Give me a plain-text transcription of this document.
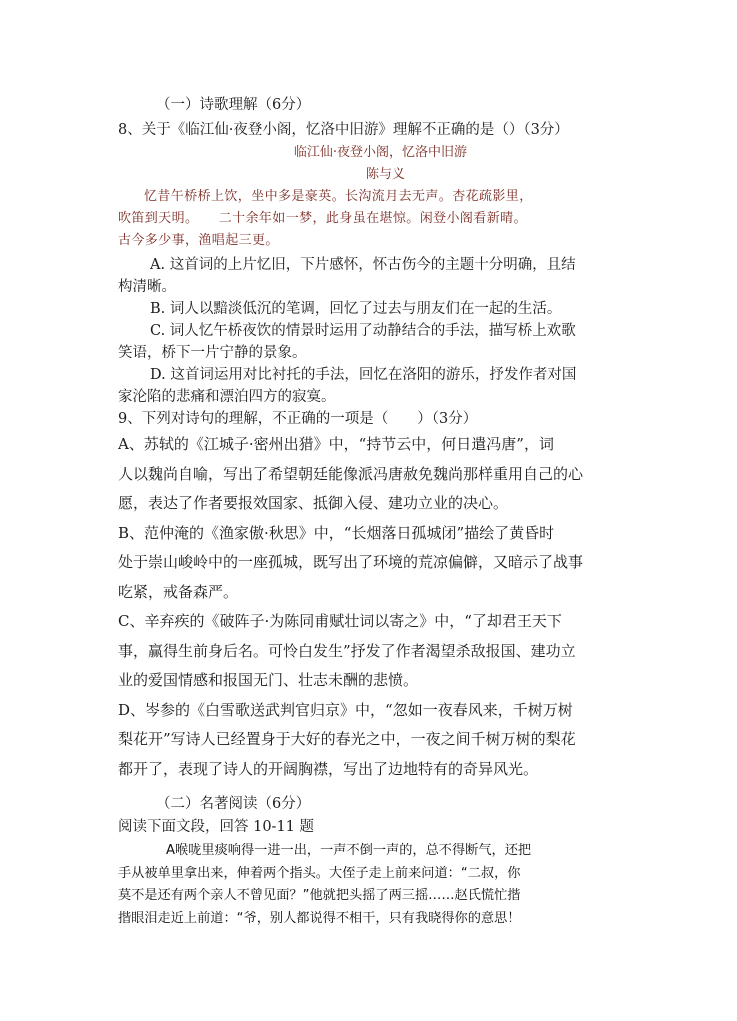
（一）诗歌理解（6分）
8、关于《临江仙·夜登小阁，忆洛中旧游》理解不正确的是（）（3分）
临江仙·夜登小阁，忆洛中旧游
陈与义
忆昔午桥桥上饮，坐中多是豪英。长沟流月去无声。杏花疏影里，
吹笛到天明。　　二十余年如一梦，此身虽在堪惊。闲登小阁看新晴。
古今多少事，渔唱起三更。
A. 这首词的上片忆旧，下片感怀，怀古伤今的主题十分明确，且结
构清晰。
B. 词人以黯淡低沉的笔调，回忆了过去与朋友们在一起的生活。
C. 词人忆午桥夜饮的情景时运用了动静结合的手法，描写桥上欢歌
笑语，桥下一片宁静的景象。
D. 这首词运用对比衬托的手法，回忆在洛阳的游乐，抒发作者对国
家沦陷的悲痛和漂泊四方的寂寞。
9、下列对诗句的理解，不正确的一项是（　　）（3分）
A、苏轼的《江城子·密州出猎》中，“持节云中，何日遣冯唐”，词
人以魏尚自喻，写出了希望朝廷能像派冯唐赦免魏尚那样重用自己的心
愿，表达了作者要报效国家、抵御入侵、建功立业的决心。
B、范仲淹的《渔家傲·秋思》中，“长烟落日孤城闭”描绘了黄昏时
处于崇山峻岭中的一座孤城，既写出了环境的荒凉偏僻，又暗示了战事
吃紧，戒备森严。
C、辛弃疾的《破阵子·为陈同甫赋壮词以寄之》中，“了却君王天下
事，赢得生前身后名。可怜白发生”抒发了作者渴望杀敌报国、建功立
业的爱国情感和报国无门、壮志未酬的悲愤。
D、岑参的《白雪歌送武判官归京》中，“忽如一夜春风来，千树万树
梨花开”写诗人已经置身于大好的春光之中，一夜之间千树万树的梨花
都开了，表现了诗人的开阔胸襟，写出了边地特有的奇异风光。
（二）名著阅读（6分）
阅读下面文段，回答 10-11 题
A喉咙里痰响得一进一出，一声不倒一声的，总不得断气，还把
手从被单里拿出来，伸着两个指头。大侄子走上前来问道：“二叔，你
莫不是还有两个亲人不曾见面？”他就把头摇了两三摇……赵氏慌忙揩
揩眼泪走近上前道：“爷，别人都说得不相干，只有我晓得你的意思！
